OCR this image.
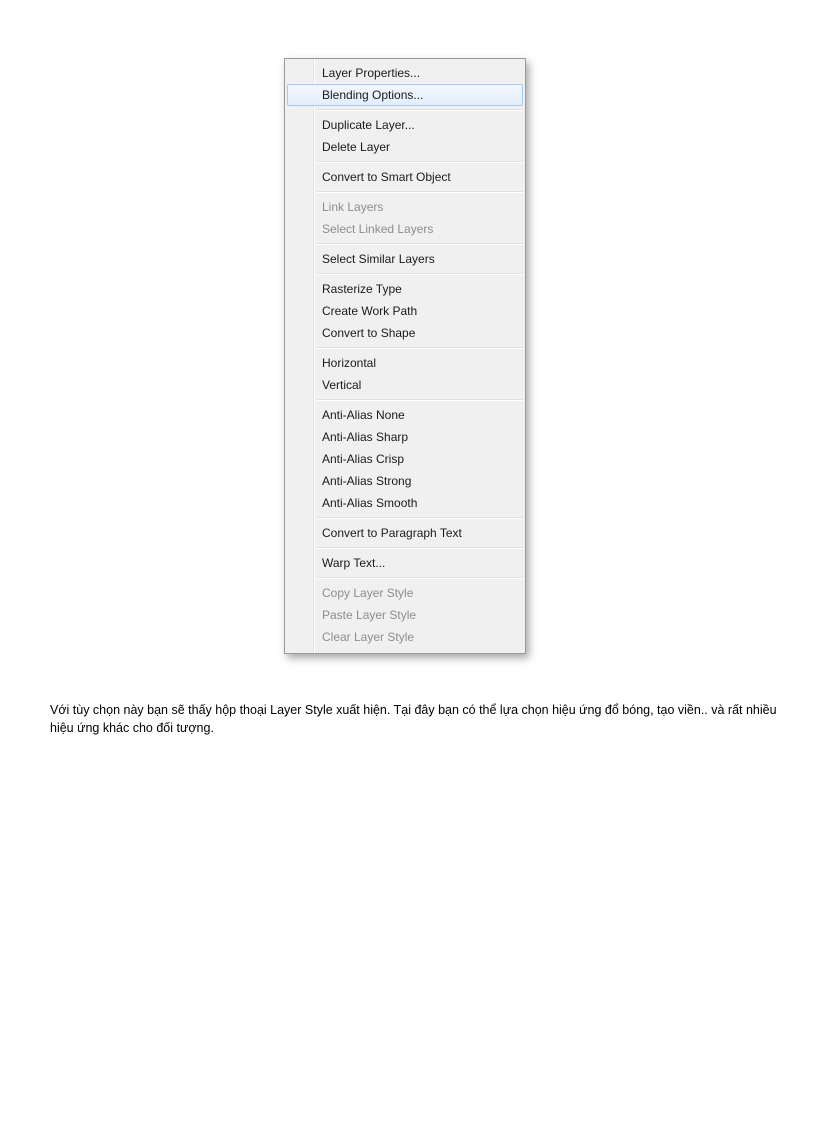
Layer Properties...
Blending Options...
Duplicate Layer...
Delete Layer
Convert to Smart Object
Link Layers
Select Linked Layers
Select Similar Layers
Rasterize Type
Create Work Path
Convert to Shape
Horizontal
Vertical
Anti-Alias None
Anti-Alias Sharp
Anti-Alias Crisp
Anti-Alias Strong
Anti-Alias Smooth
Convert to Paragraph Text
Warp Text...
Copy Layer Style
Paste Layer Style
Clear Layer Style

Với tùy chọn này bạn sẽ thấy hộp thoại Layer Style xuất hiện. Tại đây bạn có thể lựa chọn hiệu ứng đổ bóng, tạo viền.. và rất nhiều hiệu ứng khác cho đối tượng.
